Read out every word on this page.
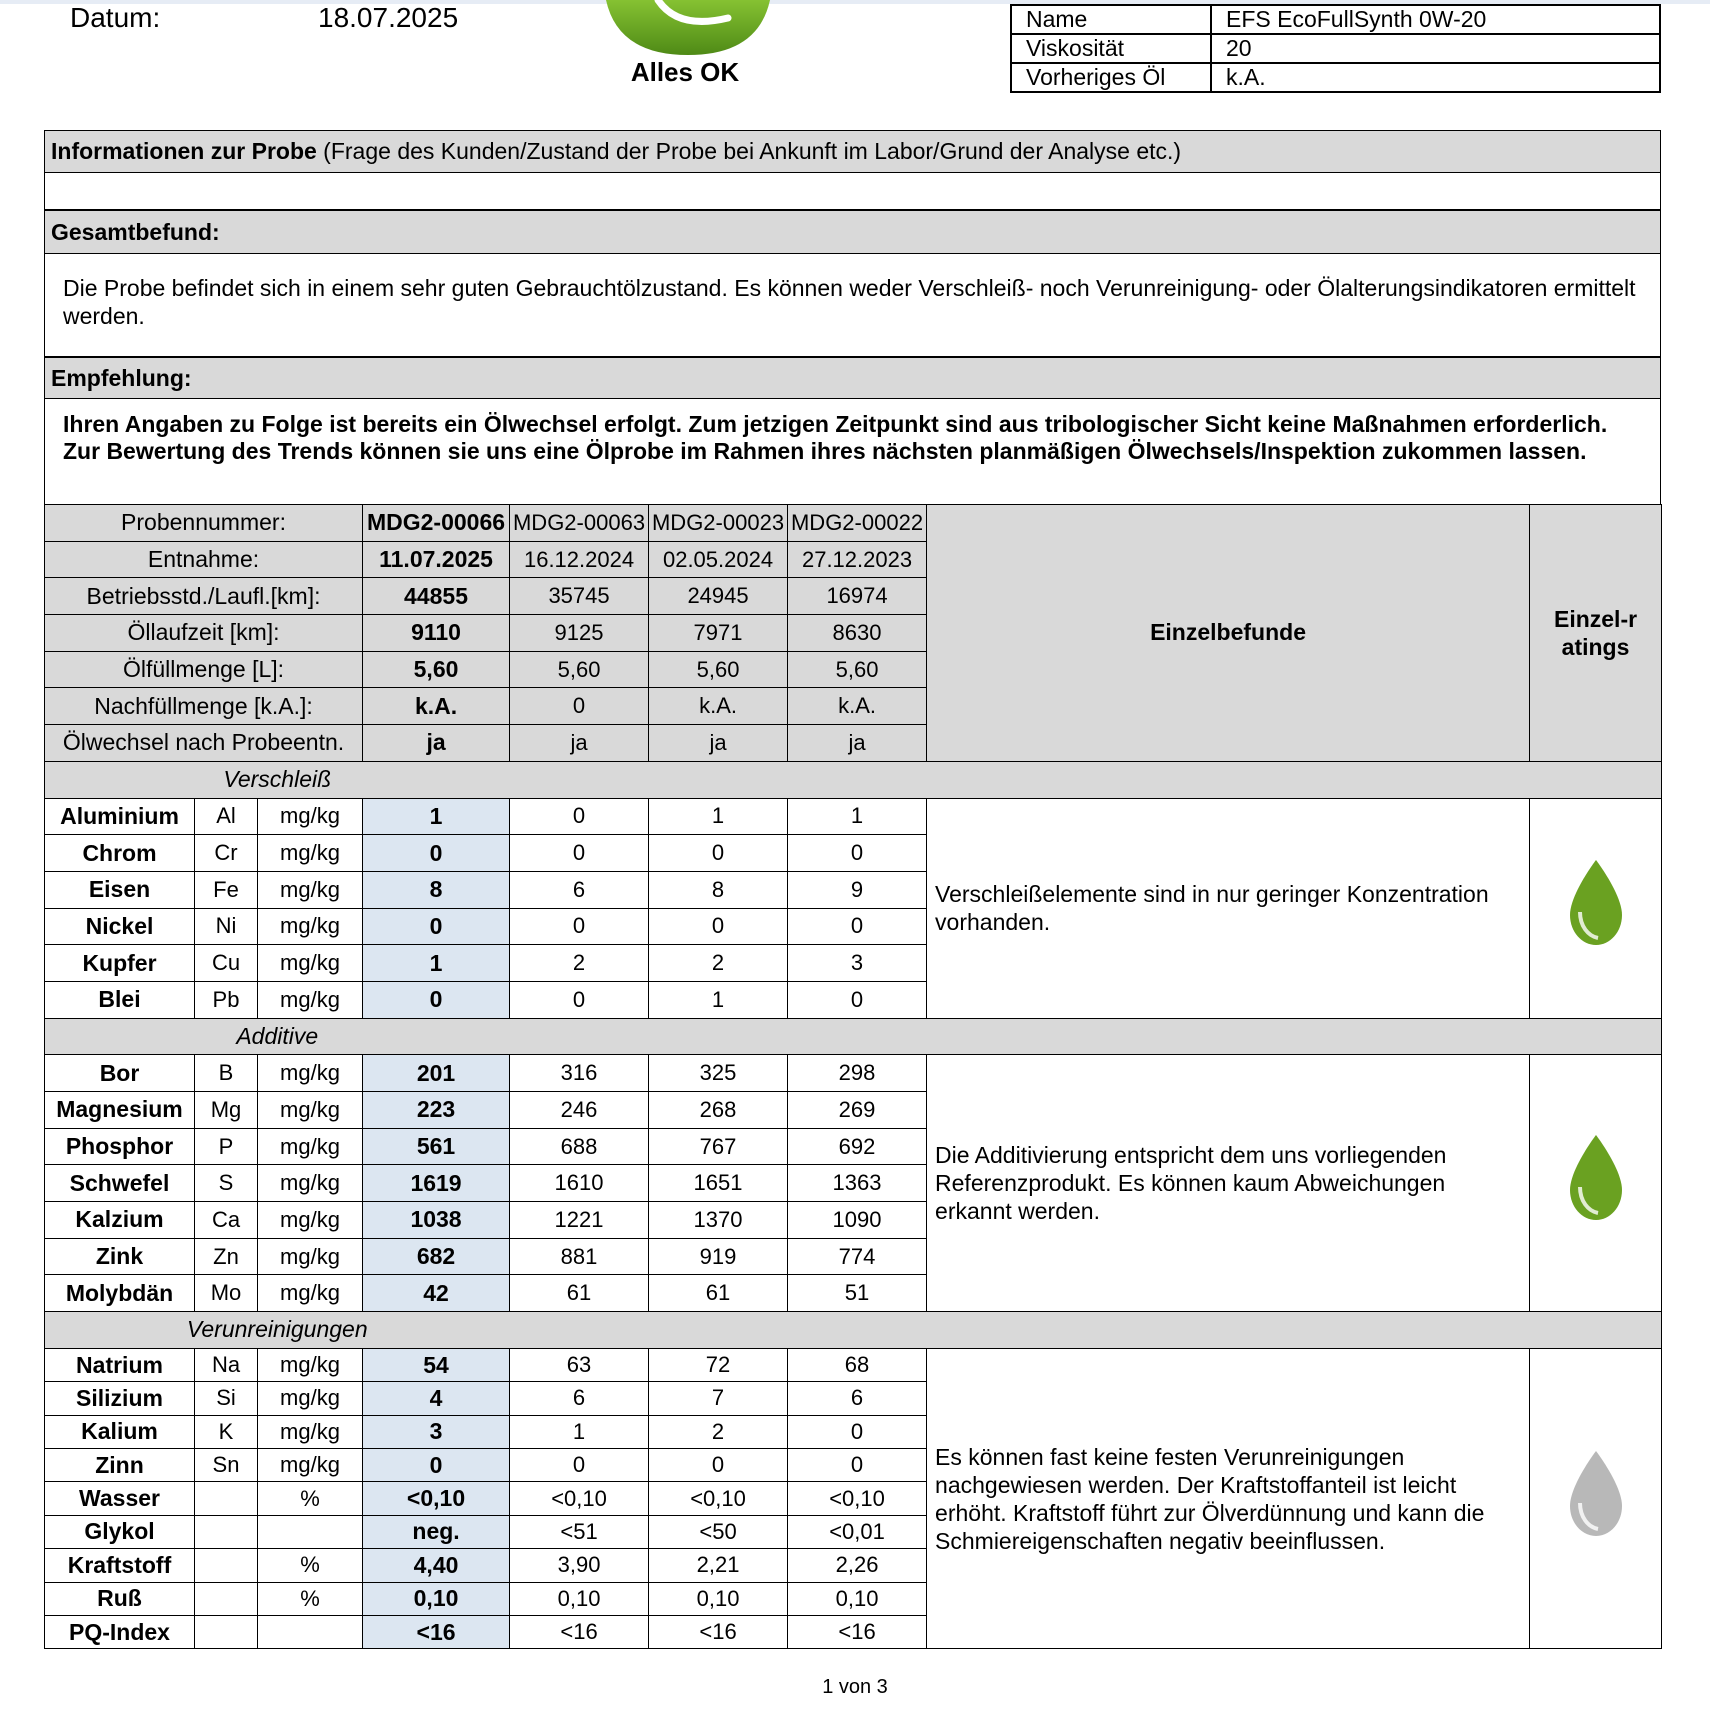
Datum:	18.07.2025
Alles OK
Name	EFS EcoFullSynth 0W-20
Viskosität	20
Vorheriges Öl	k.A.
Informationen zur Probe (Frage des Kunden/Zustand der Probe bei Ankunft im Labor/Grund der Analyse etc.)
Gesamtbefund:
Die Probe befindet sich in einem sehr guten Gebrauchtölzustand. Es können weder Verschleiß- noch Verunreinigung- oder Ölalterungsindikatoren ermittelt werden.
Empfehlung:
Ihren Angaben zu Folge ist bereits ein Ölwechsel erfolgt. Zum jetzigen Zeitpunkt sind aus tribologischer Sicht keine Maßnahmen erforderlich. Zur Bewertung des Trends können sie uns eine Ölprobe im Rahmen ihres nächsten planmäßigen Ölwechsels/Inspektion zukommen lassen.
Probennummer:			MDG2-00066	MDG2-00063	MDG2-00023	MDG2-00022	Einzelbefunde	Einzel-ratings
Entnahme:			11.07.2025	16.12.2024	02.05.2024	27.12.2023		
Betriebsstd./Laufl.[km]:			44855	35745	24945	16974		
Öllaufzeit [km]:			9110	9125	7971	8630		
Ölfüllmenge [L]:			5,60	5,60	5,60	5,60		
Nachfüllmenge [k.A.]:			k.A.	0	k.A.	k.A.		
Ölwechsel nach Probeentn.			ja	ja	ja	ja		
Verschleiß								
Aluminium	Al	mg/kg	1	0	1	1	Verschleißelemente sind in nur geringer Konzentration vorhanden.	
Chrom	Cr	mg/kg	0	0	0	0		
Eisen	Fe	mg/kg	8	6	8	9		
Nickel	Ni	mg/kg	0	0	0	0		
Kupfer	Cu	mg/kg	1	2	2	3		
Blei	Pb	mg/kg	0	0	1	0		
Additive								
Bor	B	mg/kg	201	316	325	298	Die Additivierung entspricht dem uns vorliegenden Referenzprodukt. Es können kaum Abweichungen erkannt werden.	
Magnesium	Mg	mg/kg	223	246	268	269		
Phosphor	P	mg/kg	561	688	767	692		
Schwefel	S	mg/kg	1619	1610	1651	1363		
Kalzium	Ca	mg/kg	1038	1221	1370	1090		
Zink	Zn	mg/kg	682	881	919	774		
Molybdän	Mo	mg/kg	42	61	61	51		
Verunreinigungen								
Natrium	Na	mg/kg	54	63	72	68	Es können fast keine festen Verunreinigungen nachgewiesen werden. Der Kraftstoffanteil ist leicht erhöht. Kraftstoff führt zur Ölverdünnung und kann die Schmiereigenschaften negativ beeinflussen.	
Silizium	Si	mg/kg	4	6	7	6		
Kalium	K	mg/kg	3	1	2	0		
Zinn	Sn	mg/kg	0	0	0	0		
Wasser		%	<0,10	<0,10	<0,10	<0,10		
Glykol			neg.	<51	<50	<0,01		
Kraftstoff		%	4,40	3,90	2,21	2,26		
Ruß		%	0,10	0,10	0,10	0,10		
PQ-Index			<16	<16	<16	<16		
1 von 3
